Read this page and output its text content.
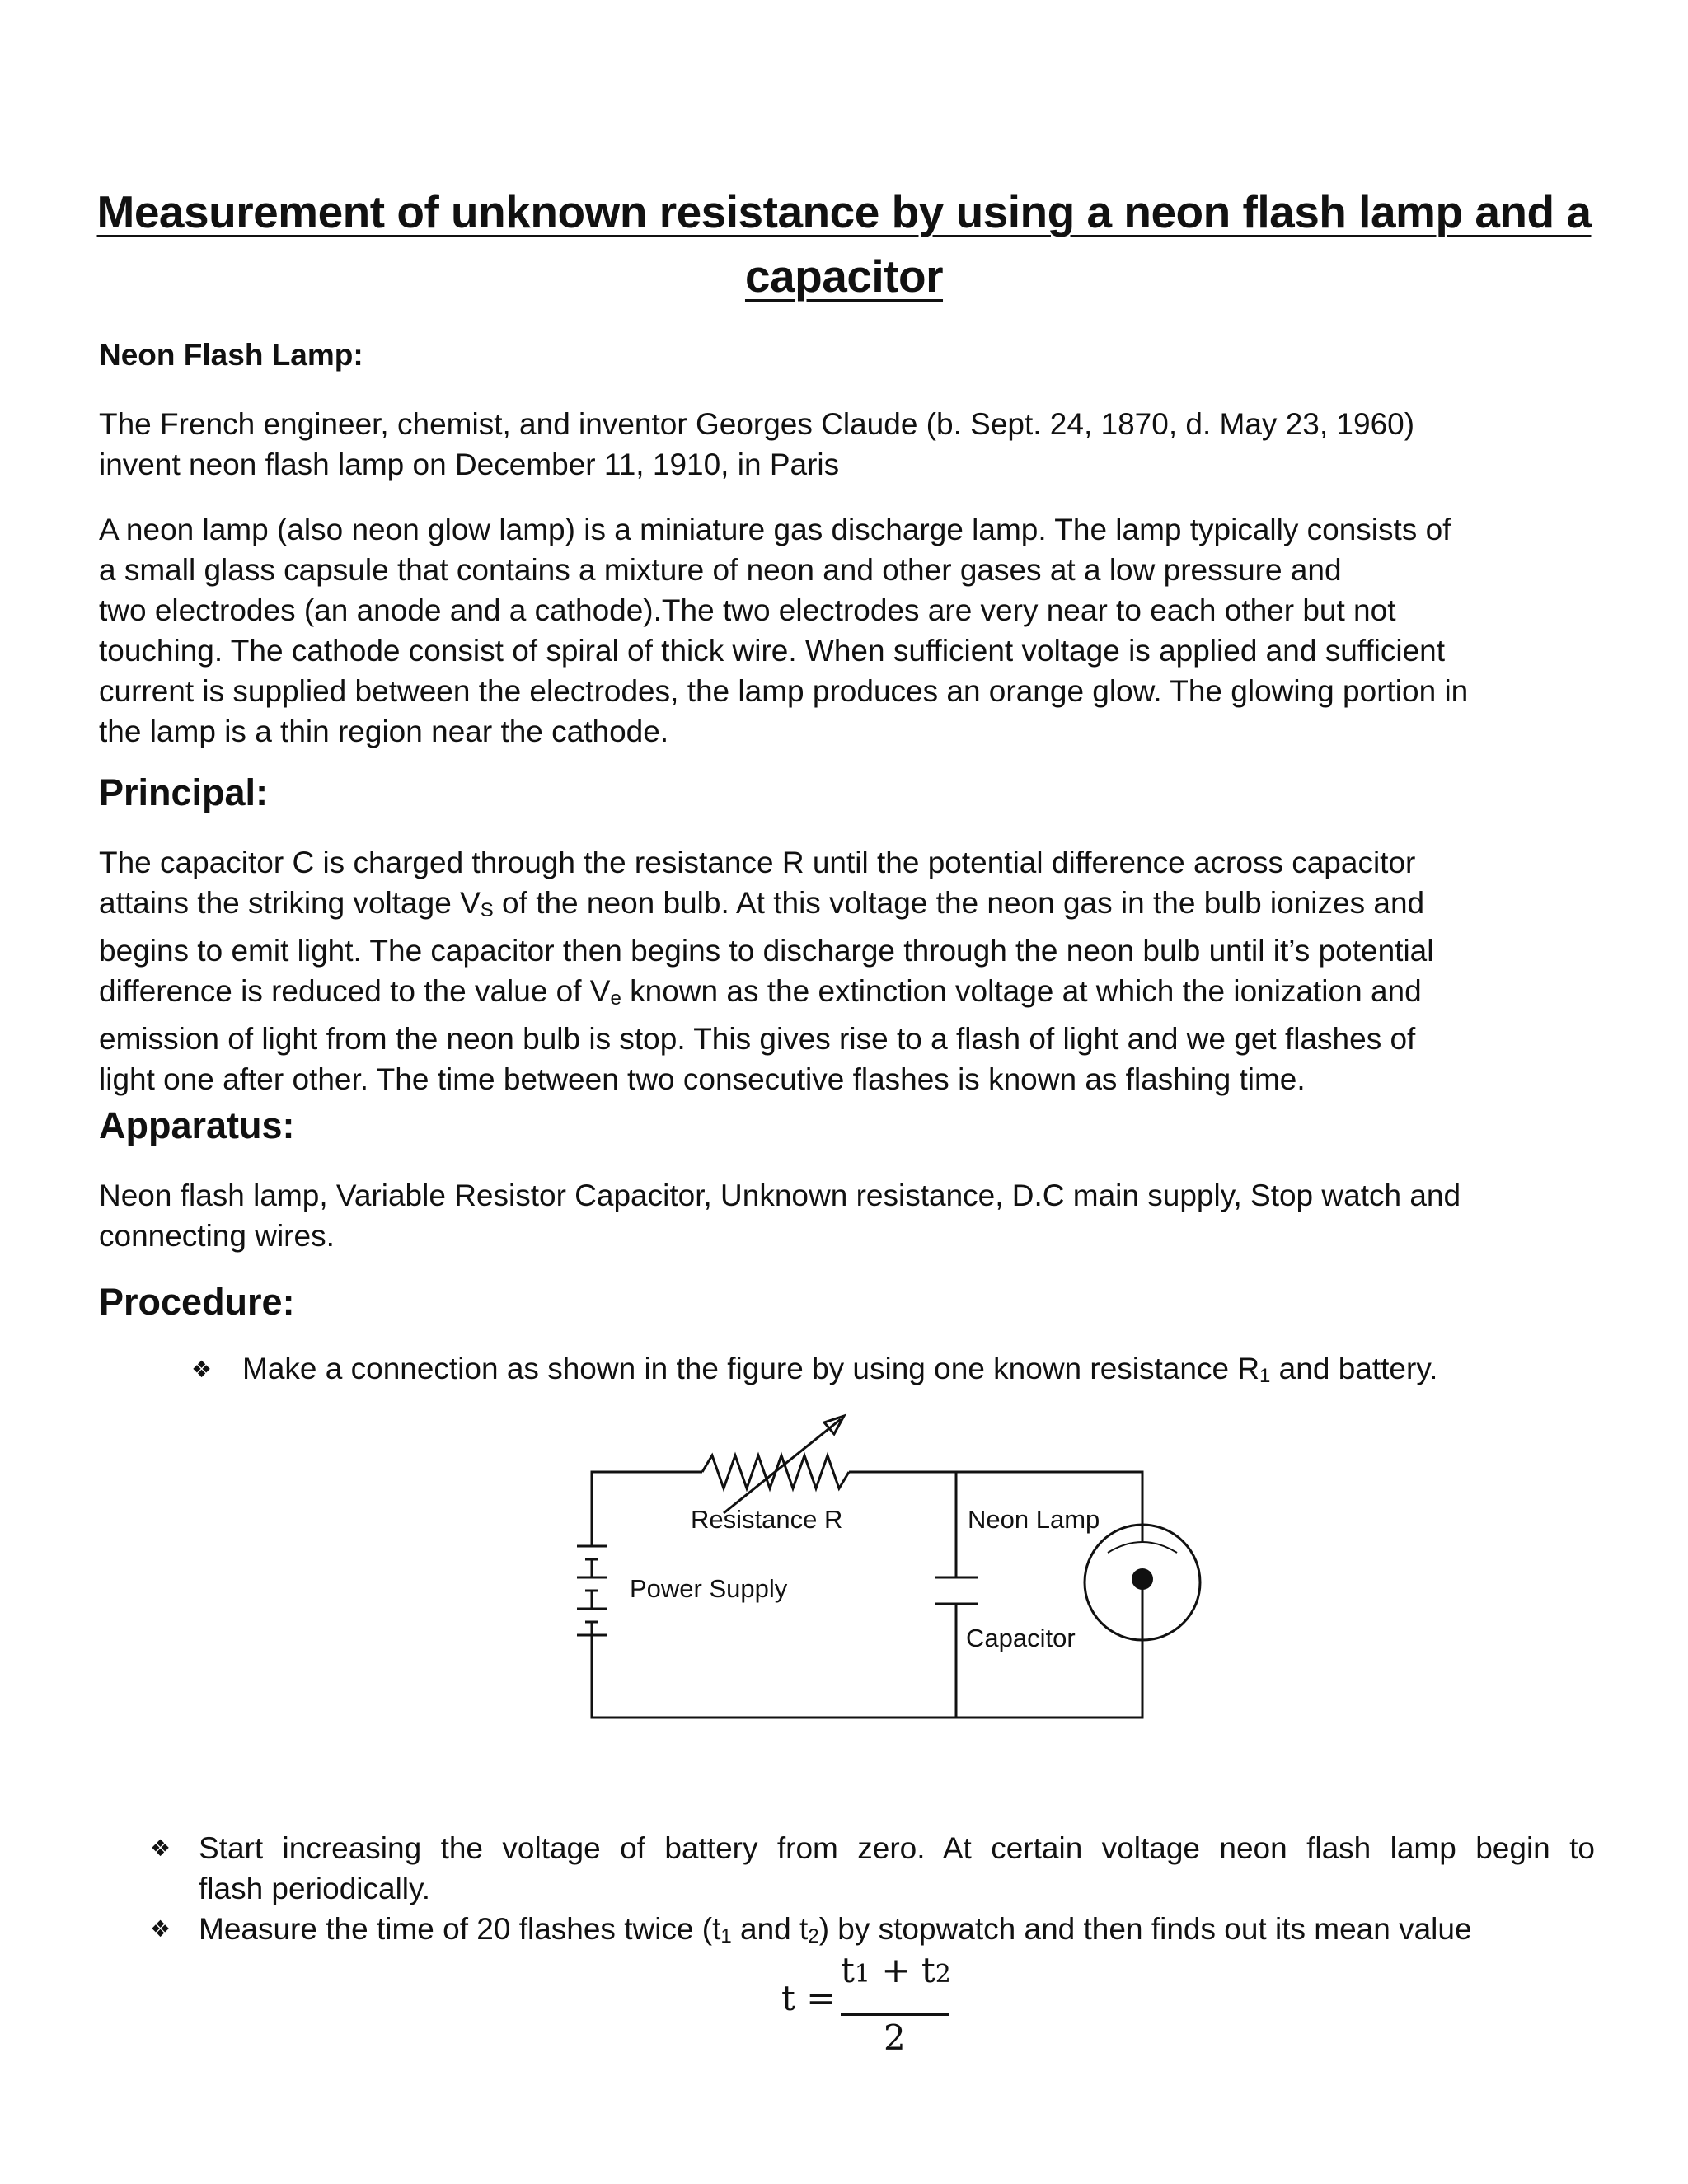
Measurement of unknown resistance by using a neon flash lamp and a
capacitor
Neon Flash Lamp:
The French engineer, chemist, and inventor Georges Claude (b. Sept. 24, 1870, d. May 23, 1960)
invent neon flash lamp on December 11, 1910, in Paris
A neon lamp (also neon glow lamp) is a miniature gas discharge lamp. The lamp typically consists of
a small glass capsule that contains a mixture of neon and other gases at a low pressure and
two electrodes (an anode and a cathode).The two electrodes are very near to each other but not
touching. The cathode consist of spiral of thick wire. When sufficient voltage is applied and sufficient
current is supplied between the electrodes, the lamp produces an orange glow. The glowing portion in
the lamp is a thin region near the cathode.
Principal:
The capacitor C is charged through the resistance R until the potential difference across capacitor
attains the striking voltage $V_S$ of the neon bulb. At this voltage the neon gas in the bulb ionizes and
begins to emit light. The capacitor then begins to discharge through the neon bulb until it’s potential
difference is reduced to the value of $V_e$ known as the extinction voltage at which the ionization and
emission of light from the neon bulb is stop. This gives rise to a flash of light and we get flashes of
light one after other. The time between two consecutive flashes is known as flashing time.
Apparatus:
Neon flash lamp, Variable Resistor Capacitor, Unknown resistance, D.C main supply, Stop watch and
connecting wires.
Procedure:
❖ Make a connection as shown in the figure by using one known resistance $R_1$ and battery.
Resistance R	Neon Lamp
Power Supply
Capacitor
❖ Start increasing the voltage of battery from zero. At certain voltage neon flash lamp begin to
flash periodically.
❖ Measure the time of 20 flashes twice ($t_1$ and $t_2$) by stopwatch and then finds out its mean value
t =
t1 + t2
2
